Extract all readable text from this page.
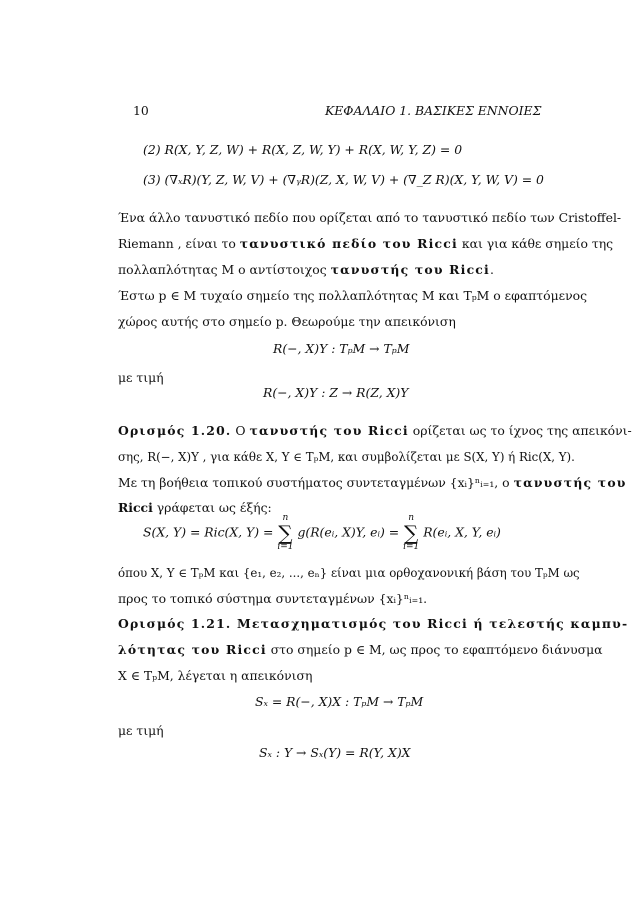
10	ΚΕΦΑΛΑΙΟ 1. ΒΑΣΙΚΕΣ ΕΝΝΟΙΕΣ
(2) R(X, Y, Z, W) + R(X, Z, W, Y) + R(X, W, Y, Z) = 0
(3) (∇ₓR)(Y, Z, W, V) + (∇ᵧR)(Z, X, W, V) + (∇_Z R)(X, Y, W, V) = 0
Ένα άλλο τανυστικό πεδίο που ορίζεται από το τανυστικό πεδίο των Cristoffel-
Riemann , είναι το τανυστικό πεδίο του Ricci και για κάθε σημείο της
πολλαπλότητας M ο αντίστοιχος τανυστής του Ricci.
Έστω p ∈ M τυχαίο σημείο της πολλαπλότητας M και TₚM ο εφαπτόμενος
χώρος αυτής στο σημείο p. Θεωρούμε την απεικόνιση
R(−, X)Y : TₚM → TₚM
με τιμή
R(−, X)Y : Z → R(Z, X)Y
Ορισμός 1.20. Ο τανυστής του Ricci ορίζεται ως το ίχνος της απεικόνι-
σης, R(−, X)Y , για κάθε X, Y ∈ TₚM, και συμβολίζεται με S(X, Y) ή Ric(X, Y).
Με τη βοήθεια τοπικού συστήματος συντεταγμένων {xᵢ}ⁿᵢ₌₁, ο τανυστής του
Ricci γράφεται ως έξής:
S(X, Y) = Ric(X, Y) =
n
∑
i=1
g(R(eᵢ, X)Y, eᵢ) =
n
∑
i=1
R(eᵢ, X, Y, eᵢ)
όπου X, Y ∈ TₚM και {e₁, e₂, ..., eₙ} είναι μια ορθοχανονική βάση του TₚM ως
προς το τοπικό σύστημα συντεταγμένων {xᵢ}ⁿᵢ₌₁.
Ορισμός 1.21. Μετασχηματισμός του Ricci ή τελεστής καμπυ-
λότητας του Ricci στο σημείο p ∈ M, ως προς το εφαπτόμενο διάνυσμα
X ∈ TₚM, λέγεται η απεικόνιση
Sₓ = R(−, X)X : TₚM → TₚM
με τιμή
Sₓ : Y → Sₓ(Y) = R(Y, X)X
